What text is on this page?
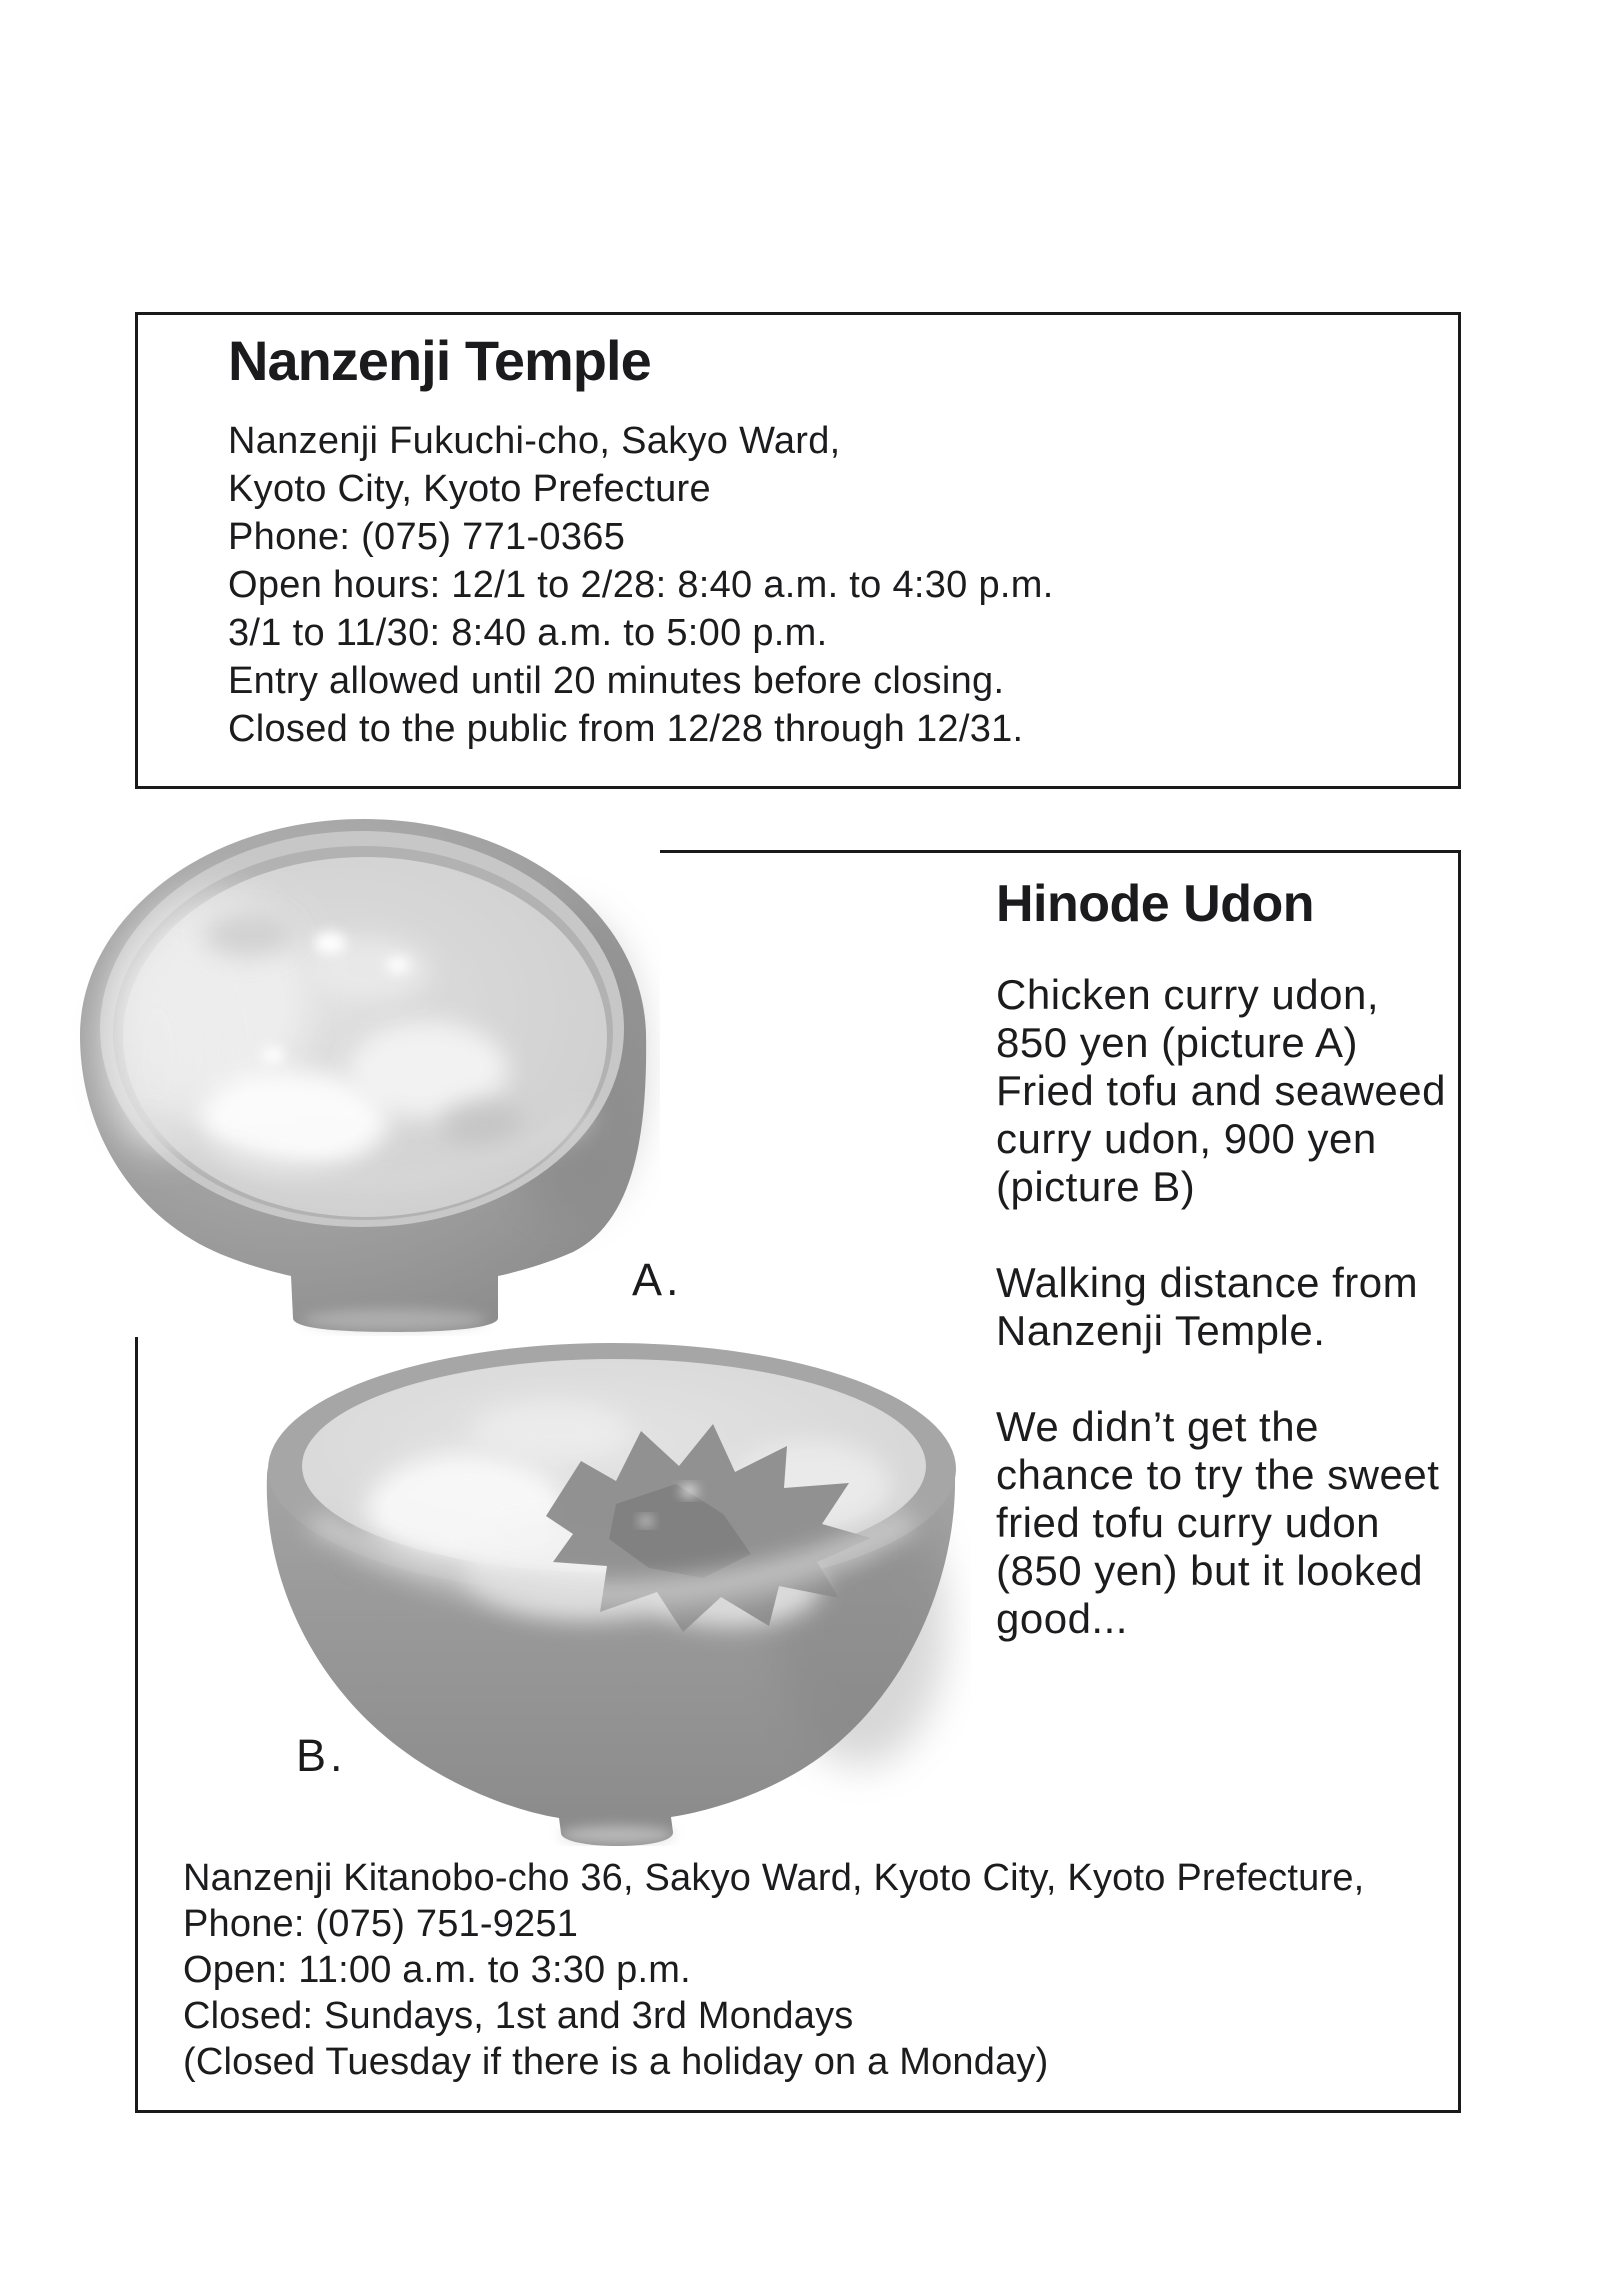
Nanzenji Temple
Nanzenji Fukuchi-cho, Sakyo Ward,
Kyoto City, Kyoto Prefecture
Phone: (075) 771-0365
Open hours: 12/1 to 2/28: 8:40 a.m. to 4:30 p.m.
3/1 to 11/30: 8:40 a.m. to 5:00 p.m.
Entry allowed until 20 minutes before closing.
Closed to the public from 12/28 through 12/31.
A.
B.
Hinode Udon
Chicken curry udon,
850 yen (picture A)
Fried tofu and seaweed
curry udon, 900 yen
(picture B)
Walking distance from
Nanzenji Temple.
We didn’t get the
chance to try the sweet
fried tofu curry udon
(850 yen) but it looked
good...
Nanzenji Kitanobo-cho 36, Sakyo Ward, Kyoto City, Kyoto Prefecture,
Phone: (075) 751-9251
Open: 11:00 a.m. to 3:30 p.m.
Closed: Sundays, 1st and 3rd Mondays
(Closed Tuesday if there is a holiday on a Monday)
